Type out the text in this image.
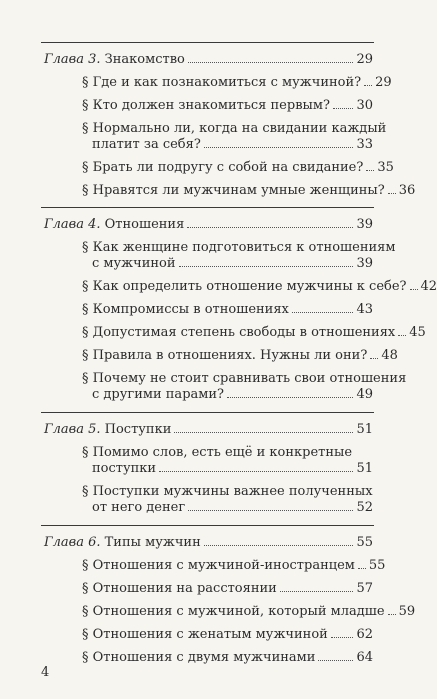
Глава 3. Знакомство	29
§ Где и как познакомиться с мужчиной? 29
§ Кто должен знакомиться первым? 30
§ Нормально ли, когда на свидании каждый
платит за себя?	33
§ Брать ли подругу с собой на свидание? 35
§ Нравятся ли мужчинам умные женщины? 36
Глава 4. Отношения	39
§ Как женщине подготовиться к отношениям
с мужчиной	39
§ Как определить отношение мужчины к себе? 42
§ Компромиссы в отношениях	43
§ Допустимая степень свободы в отношениях 45
§ Правила в отношениях. Нужны ли они? 48
§ Почему не стоит сравнивать свои отношения
с другими парами?	49
Глава 5. Поступки	51
§ Помимо слов, есть ещё и конкретные
поступки	51
§ Поступки мужчины важнее полученных
от него денег	52
Глава 6. Типы мужчин	55
§ Отношения с мужчиной-иностранцем 55
§ Отношения на расстоянии	57
§ Отношения с мужчиной, который младше 59
§ Отношения с женатым мужчиной 62
§ Отношения с двумя мужчинами	64
4
